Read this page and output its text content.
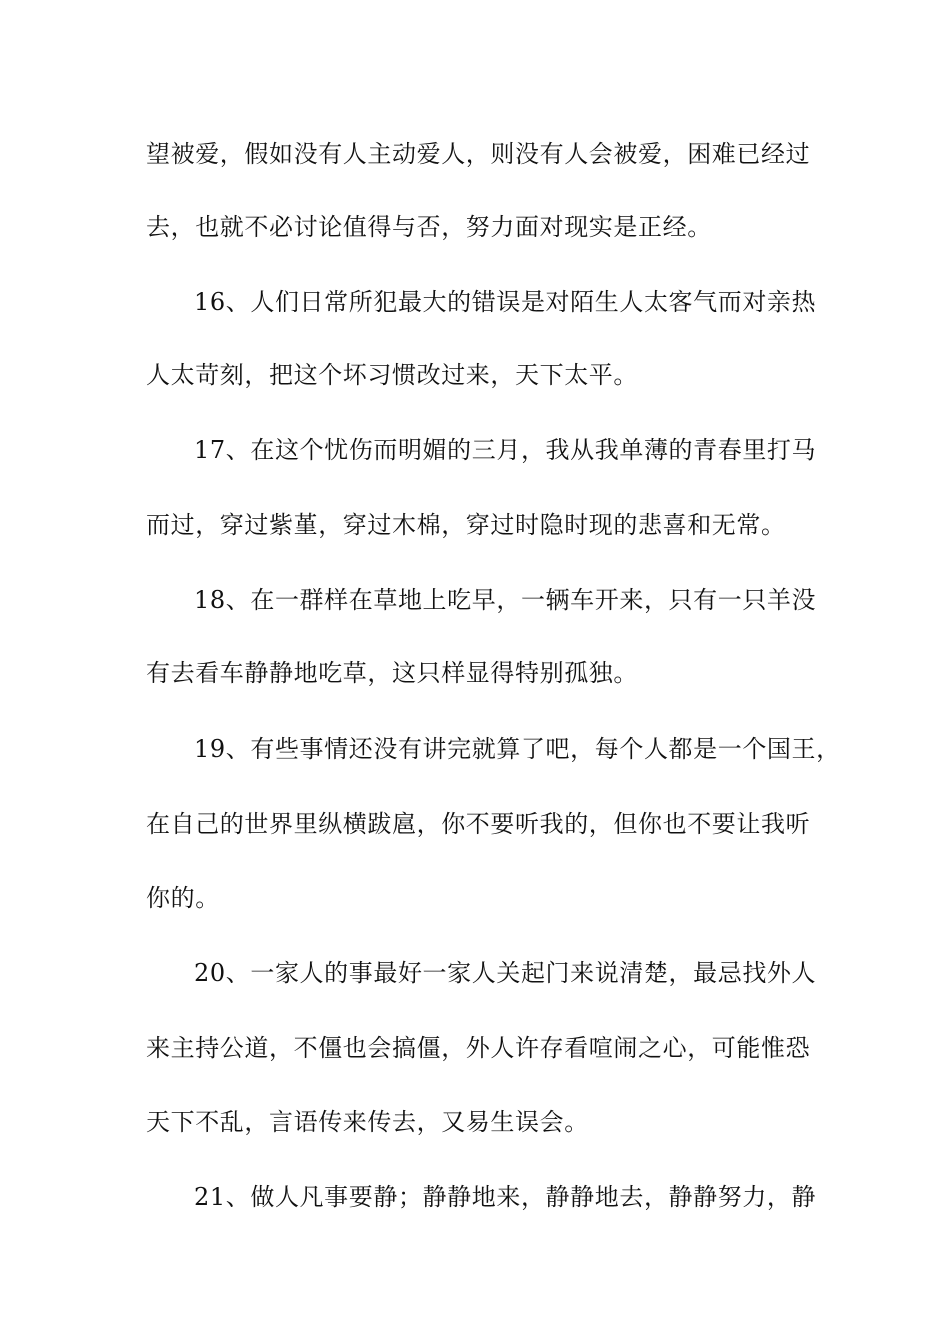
望被爱，假如没有人主动爱人，则没有人会被爱，困难已经过
去，也就不必讨论值得与否，努力面对现实是正经。
16、人们日常所犯最大的错误是对陌生人太客气而对亲热
人太苛刻，把这个坏习惯改过来，天下太平。
17、在这个忧伤而明媚的三月，我从我单薄的青春里打马
而过，穿过紫堇，穿过木棉，穿过时隐时现的悲喜和无常。
18、在一群样在草地上吃早，一辆车开来，只有一只羊没
有去看车静静地吃草，这只样显得特别孤独。
19、有些事情还没有讲完就算了吧，每个人都是一个国王，
在自己的世界里纵横跋扈，你不要听我的，但你也不要让我听
你的。
20、一家人的事最好一家人关起门来说清楚，最忌找外人
来主持公道，不僵也会搞僵，外人许存看喧闹之心，可能惟恐
天下不乱，言语传来传去，又易生误会。
21、做人凡事要静；静静地来，静静地去，静静努力，静
